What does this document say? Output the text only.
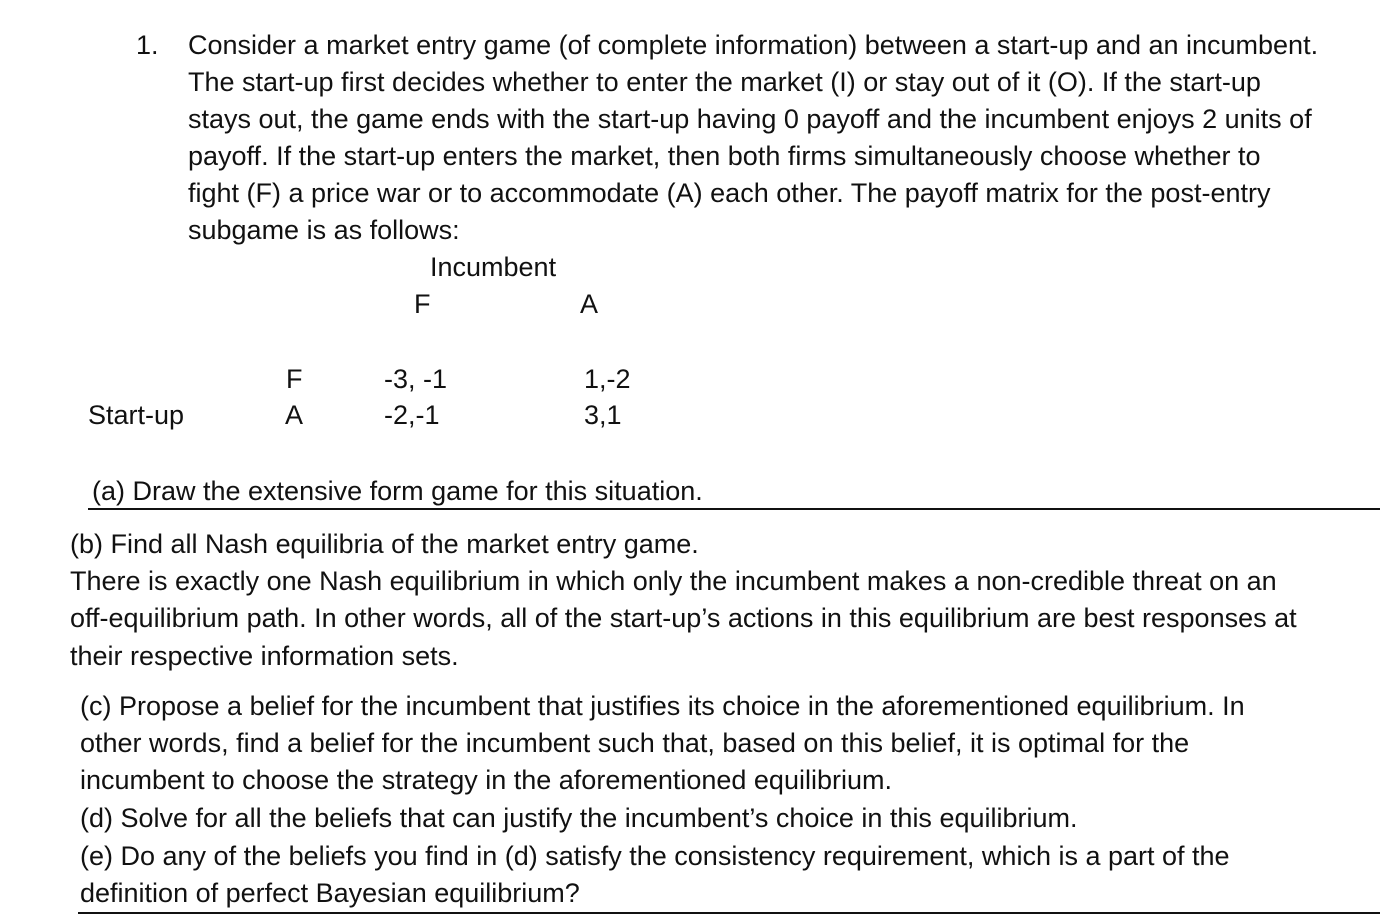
1. Consider a market entry game (of complete information) between a start-up and an incumbent.
The start-up first decides whether to enter the market (I) or stay out of it (O). If the start-up
stays out, the game ends with the start-up having 0 payoff and the incumbent enjoys 2 units of
payoff. If the start-up enters the market, then both firms simultaneously choose whether to
fight (F) a price war or to accommodate (A) each other. The payoff matrix for the post-entry
subgame is as follows:
Incumbent
F	A
F	-3, -1	1,-2
Start-up	A	-2,-1	3,1
(a) Draw the extensive form game for this situation.
(b) Find all Nash equilibria of the market entry game.
There is exactly one Nash equilibrium in which only the incumbent makes a non-credible threat on an
off-equilibrium path. In other words, all of the start-up’s actions in this equilibrium are best responses at
their respective information sets.
(c) Propose a belief for the incumbent that justifies its choice in the aforementioned equilibrium. In
other words, find a belief for the incumbent such that, based on this belief, it is optimal for the
incumbent to choose the strategy in the aforementioned equilibrium.
(d) Solve for all the beliefs that can justify the incumbent’s choice in this equilibrium.
(e) Do any of the beliefs you find in (d) satisfy the consistency requirement, which is a part of the
definition of perfect Bayesian equilibrium?
